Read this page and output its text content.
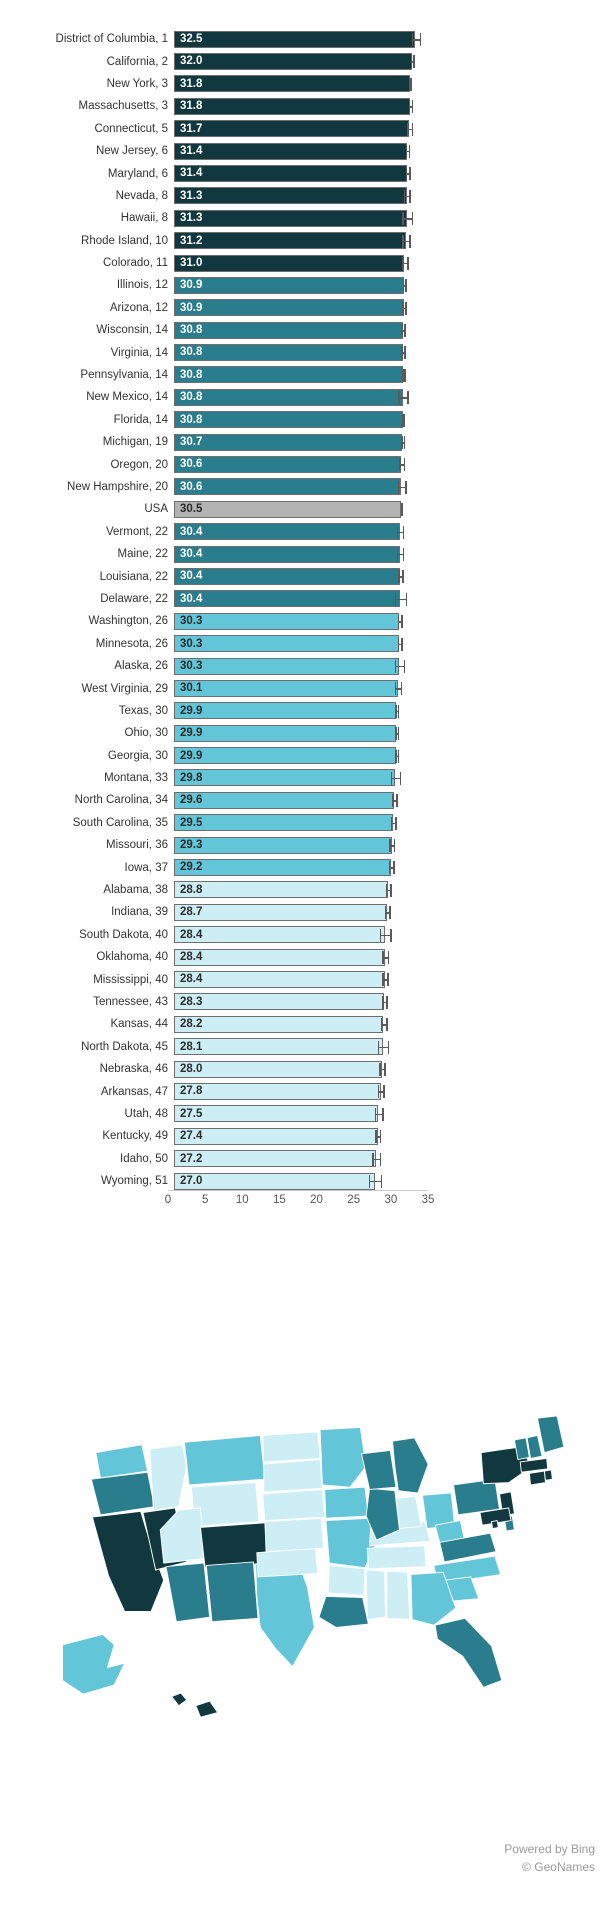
District of Columbia, 1	32.5
California, 2	32.0
New York, 3	31.8
Massachusetts, 3	31.8
Connecticut, 5	31.7
New Jersey, 6	31.4
Maryland, 6	31.4
Nevada, 8	31.3
Hawaii, 8	31.3
Rhode Island, 10	31.2
Colorado, 11	31.0
Illinois, 12	30.9
Arizona, 12	30.9
Wisconsin, 14	30.8
Virginia, 14	30.8
Pennsylvania, 14	30.8
New Mexico, 14	30.8
Florida, 14	30.8
Michigan, 19	30.7
Oregon, 20	30.6
New Hampshire, 20	30.6
USA	30.5
Vermont, 22	30.4
Maine, 22	30.4
Louisiana, 22	30.4
Delaware, 22	30.4
Washington, 26	30.3
Minnesota, 26	30.3
Alaska, 26	30.3
West Virginia, 29	30.1
Texas, 30	29.9
Ohio, 30	29.9
Georgia, 30	29.9
Montana, 33	29.8
North Carolina, 34	29.6
South Carolina, 35	29.5
Missouri, 36	29.3
Iowa, 37	29.2
Alabama, 38	28.8
Indiana, 39	28.7
South Dakota, 40	28.4
Oklahoma, 40	28.4
Mississippi, 40	28.4
Tennessee, 43	28.3
Kansas, 44	28.2
North Dakota, 45	28.1
Nebraska, 46	28.0
Arkansas, 47	27.8
Utah, 48	27.5
Kentucky, 49	27.4
Idaho, 50	27.2
Wyoming, 51	27.0
0	5 10 15 20 25 30 35
Powered by Bing
© GeoNames
